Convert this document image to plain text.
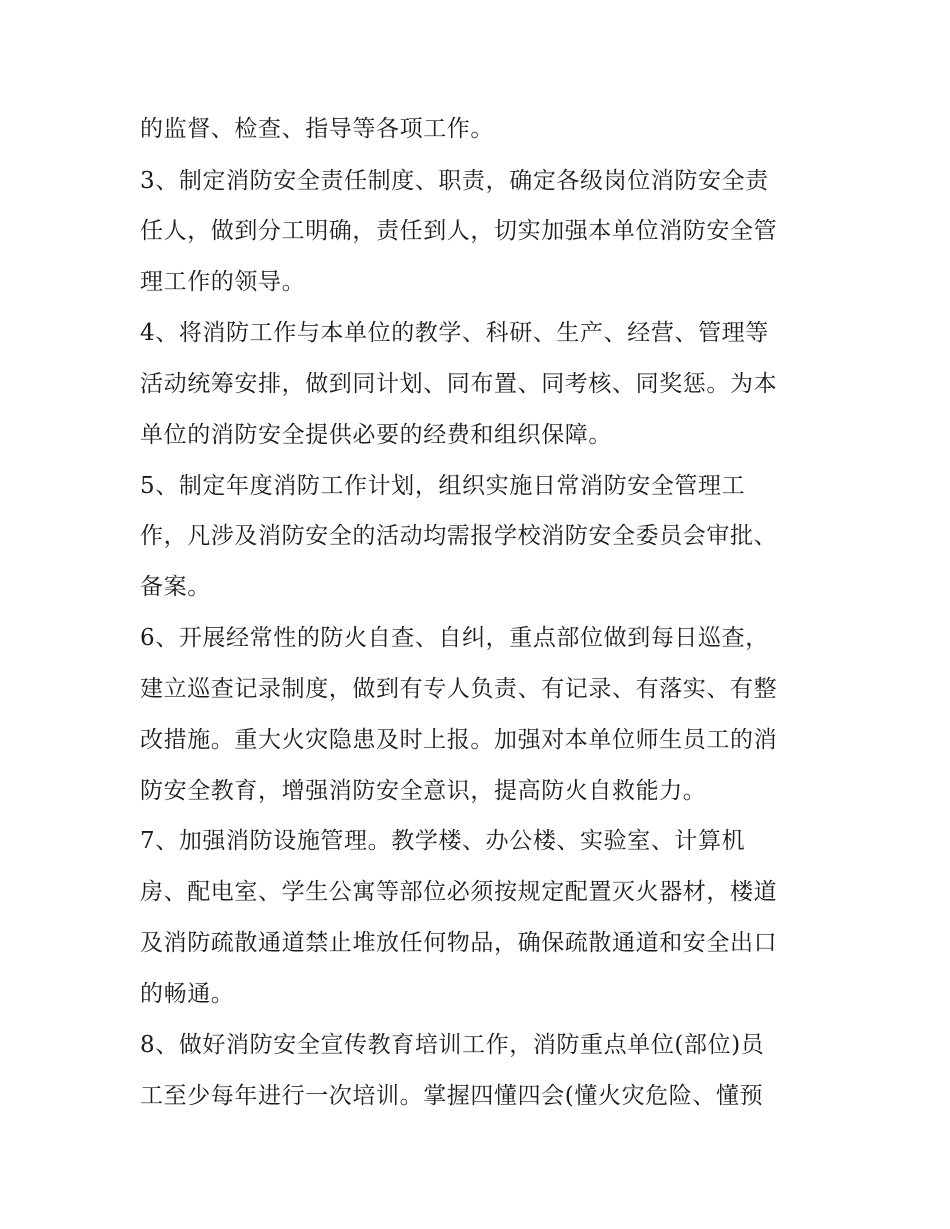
的监督、检查、指导等各项工作。
3、制定消防安全责任制度、职责，确定各级岗位消防安全责
任人，做到分工明确，责任到人，切实加强本单位消防安全管
理工作的领导。
4、将消防工作与本单位的教学、科研、生产、经营、管理等
活动统筹安排，做到同计划、同布置、同考核、同奖惩。为本
单位的消防安全提供必要的经费和组织保障。
5、制定年度消防工作计划，组织实施日常消防安全管理工
作，凡涉及消防安全的活动均需报学校消防安全委员会审批、
备案。
6、开展经常性的防火自查、自纠，重点部位做到每日巡查，
建立巡查记录制度，做到有专人负责、有记录、有落实、有整
改措施。重大火灾隐患及时上报。加强对本单位师生员工的消
防安全教育，增强消防安全意识，提高防火自救能力。
7、加强消防设施管理。教学楼、办公楼、实验室、计算机
房、配电室、学生公寓等部位必须按规定配置灭火器材，楼道
及消防疏散通道禁止堆放任何物品，确保疏散通道和安全出口
的畅通。
8、做好消防安全宣传教育培训工作，消防重点单位(部位)员
工至少每年进行一次培训。掌握四懂四会(懂火灾危险、懂预
